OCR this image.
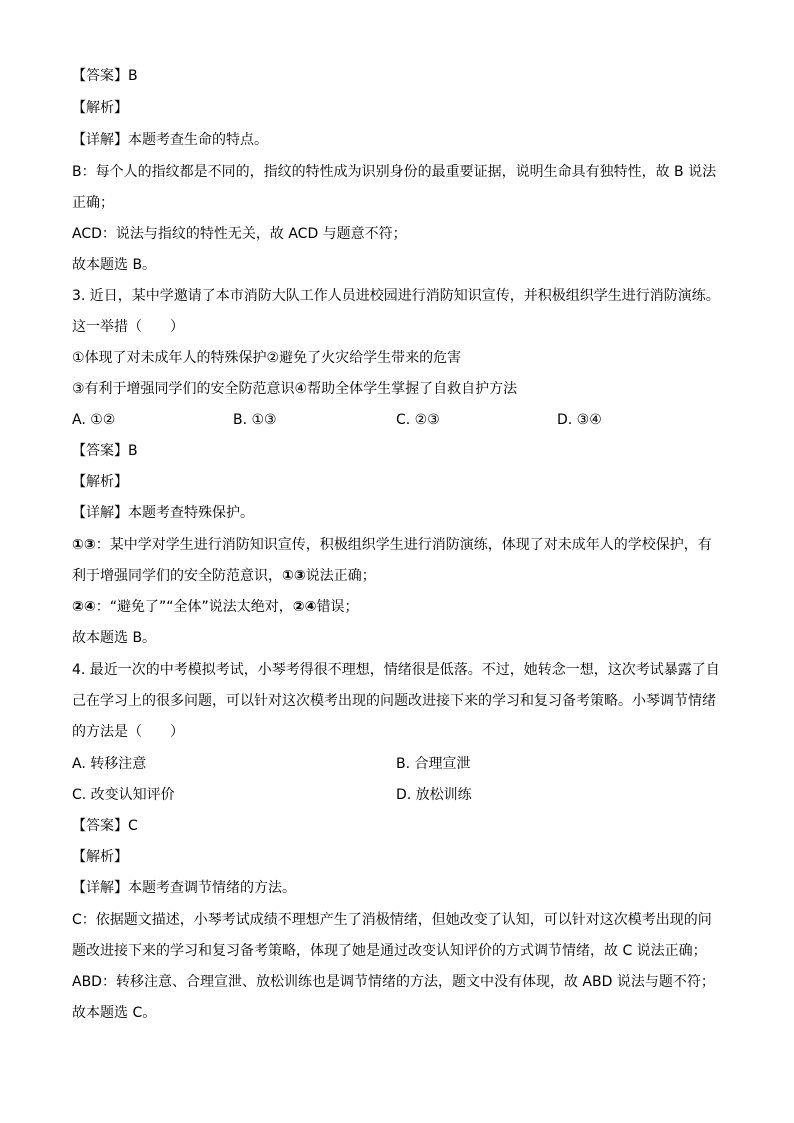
【答案】B
【解析】
【详解】本题考查生命的特点。
B：每个人的指纹都是不同的，指纹的特性成为识别身份的最重要证据，说明生命具有独特性，故 B 说法
正确；
ACD：说法与指纹的特性无关，故 ACD 与题意不符；
故本题选 B。
3. 近日，某中学邀请了本市消防大队工作人员进校园进行消防知识宣传，并积极组织学生进行消防演练。
这一举措（　　）
①体现了对未成年人的特殊保护②避免了火灾给学生带来的危害
③有利于增强同学们的安全防范意识④帮助全体学生掌握了自救自护方法
A. ①②	B. ①③	C. ②③	D. ③④
【答案】B
【解析】
【详解】本题考查特殊保护。
①③：某中学对学生进行消防知识宣传，积极组织学生进行消防演练，体现了对未成年人的学校保护，有
利于增强同学们的安全防范意识，①③说法正确；
②④：“避免了”“全体”说法太绝对，②④错误；
故本题选 B。
4. 最近一次的中考模拟考试，小琴考得很不理想，情绪很是低落。不过，她转念一想，这次考试暴露了自
己在学习上的很多问题，可以针对这次模考出现的问题改进接下来的学习和复习备考策略。小琴调节情绪
的方法是（　　）
A. 转移注意	B. 合理宣泄
C. 改变认知评价	D. 放松训练
【答案】C
【解析】
【详解】本题考查调节情绪的方法。
C：依据题文描述，小琴考试成绩不理想产生了消极情绪，但她改变了认知，可以针对这次模考出现的问
题改进接下来的学习和复习备考策略，体现了她是通过改变认知评价的方式调节情绪，故 C 说法正确；
ABD：转移注意、合理宣泄、放松训练也是调节情绪的方法，题文中没有体现，故 ABD 说法与题不符；
故本题选 C。
